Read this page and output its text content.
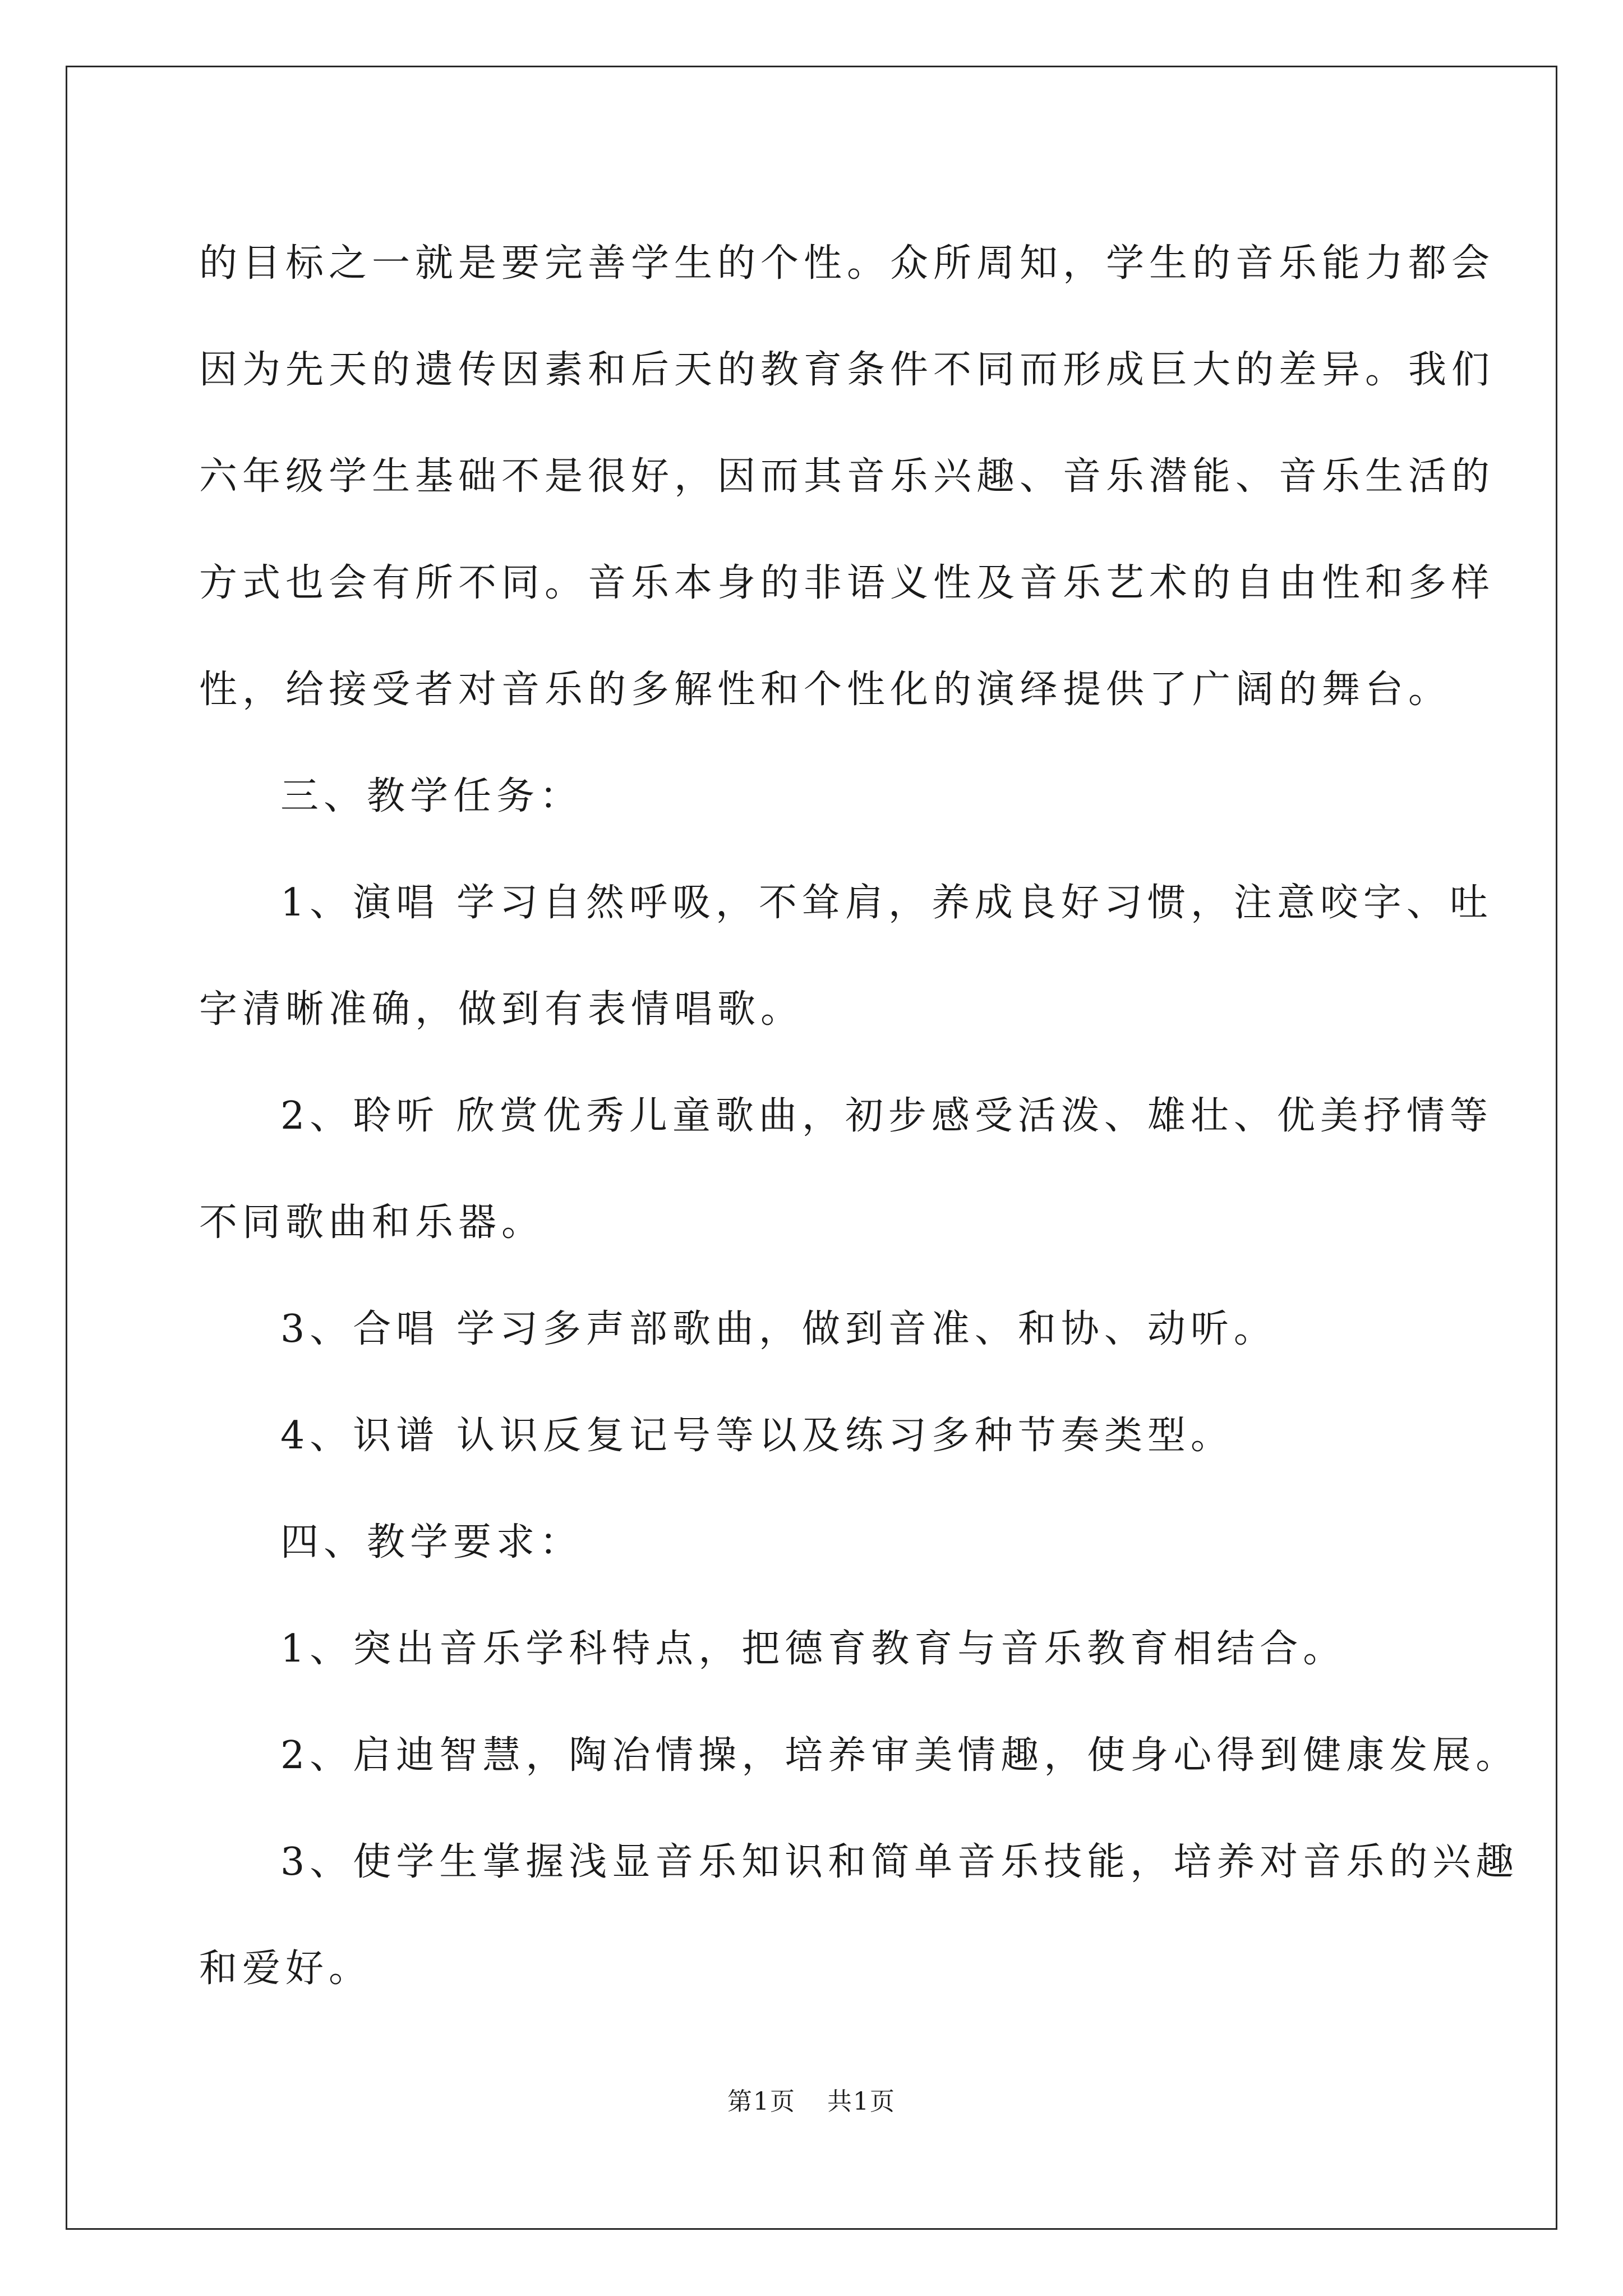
的目标之一就是要完善学生的个性。众所周知，学生的音乐能力都会

因为先天的遗传因素和后天的教育条件不同而形成巨大的差异。我们

六年级学生基础不是很好，因而其音乐兴趣、音乐潜能、音乐生活的

方式也会有所不同。音乐本身的非语义性及音乐艺术的自由性和多样

性，给接受者对音乐的多解性和个性化的演绎提供了广阔的舞台。

三、教学任务：

1、演唱 学习自然呼吸，不耸肩，养成良好习惯，注意咬字、吐

字清晰准确，做到有表情唱歌。

2、聆听 欣赏优秀儿童歌曲，初步感受活泼、雄壮、优美抒情等

不同歌曲和乐器。

3、合唱 学习多声部歌曲，做到音准、和协、动听。

4、识谱 认识反复记号等以及练习多种节奏类型。

四、教学要求：

1、突出音乐学科特点，把德育教育与音乐教育相结合。

2、启迪智慧，陶冶情操，培养审美情趣，使身心得到健康发展。

3、使学生掌握浅显音乐知识和简单音乐技能，培养对音乐的兴趣

和爱好。

第1页 共1页
